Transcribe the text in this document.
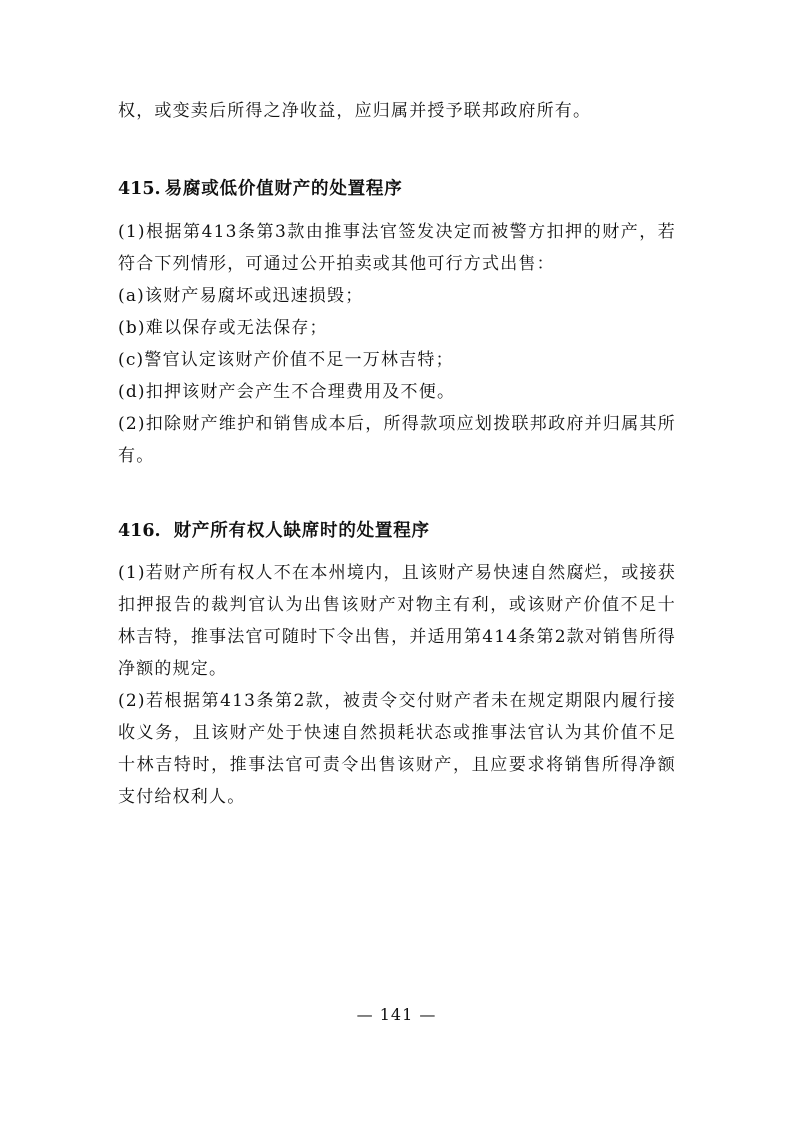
权，或变卖后所得之净收益，应归属并授予联邦政府所有。

415. 易腐或低价值财产的处置程序

(1)根据第413条第3款由推事法官签发决定而被警方扣押的财产，若符合下列情形，可通过公开拍卖或其他可行方式出售：

(a)该财产易腐坏或迅速损毁；

(b)难以保存或无法保存；

(c)警官认定该财产价值不足一万林吉特；

(d)扣押该财产会产生不合理费用及不便。

(2)扣除财产维护和销售成本后，所得款项应划拨联邦政府并归属其所有。

416. 财产所有权人缺席时的处置程序

(1)若财产所有权人不在本州境内，且该财产易快速自然腐烂，或接获扣押报告的裁判官认为出售该财产对物主有利，或该财产价值不足十林吉特，推事法官可随时下令出售，并适用第414条第2款对销售所得净额的规定。

(2)若根据第413条第2款，被责令交付财产者未在规定期限内履行接收义务，且该财产处于快速自然损耗状态或推事法官认为其价值不足十林吉特时，推事法官可责令出售该财产，且应要求将销售所得净额支付给权利人。

— 141 —
